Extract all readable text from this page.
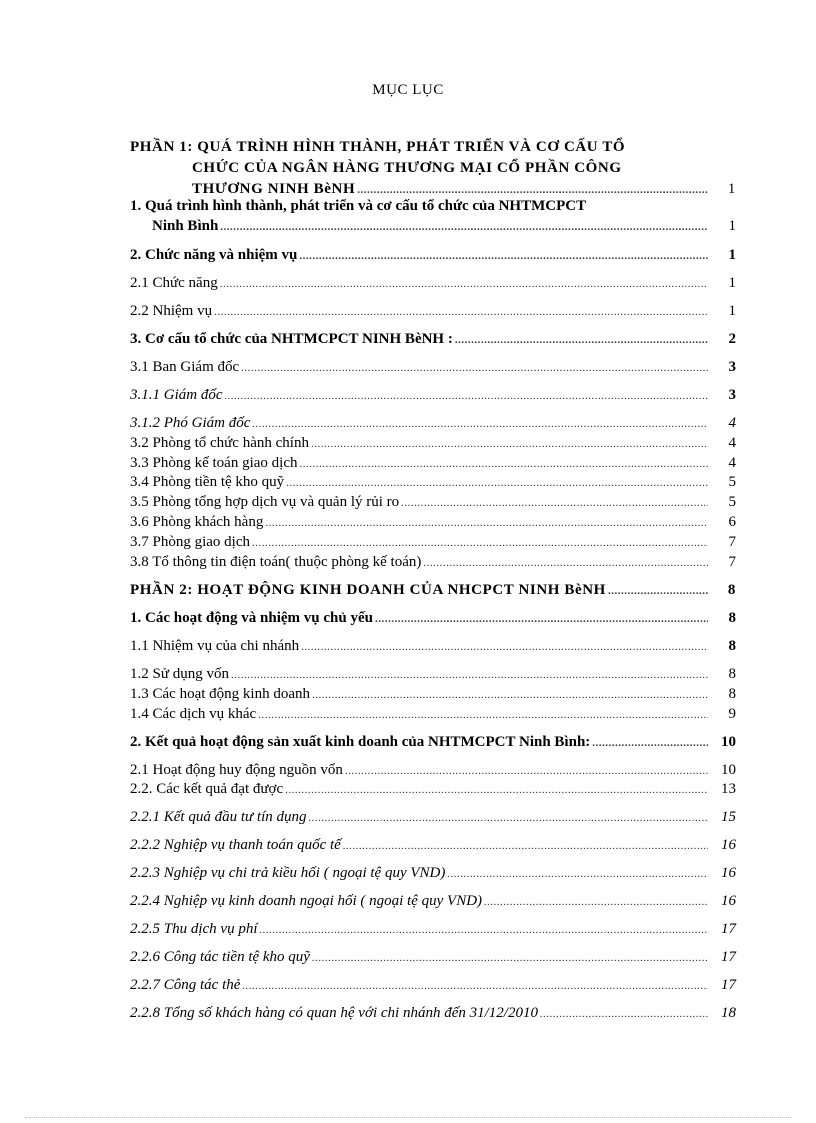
MỤC LỤC
PHẦN 1: QUÁ TRÌNH HÌNH THÀNH, PHÁT TRIỂN VÀ CƠ CẤU TỔ
CHỨC CỦA NGÂN HÀNG THƯƠNG MẠI CỔ PHẦN CÔNG
THƯƠNG NINH BèNH .....	1
1. Quá trình hình thành, phát triển và cơ cấu tổ chức của NHTMCPCT
Ninh Bình .....	1
2. Chức năng và nhiệm vụ .....	1
2.1 Chức năng .....	1
2.2 Nhiệm vụ .....	1
3. Cơ cấu tổ chức của NHTMCPCT NINH BèNH : .....	2
3.1 Ban Giám đốc .....	3
3.1.1 Giám đốc .....	3
3.1.2 Phó Giám đốc .....	4
3.2 Phòng tổ chức hành chính .....	4
3.3 Phòng kế toán giao dịch .....	4
3.4 Phòng tiền tệ kho quỹ .....	5
3.5 Phòng tổng hợp dịch vụ và quản lý rủi ro .....	5
3.6 Phòng khách hàng .....	6
3.7 Phòng giao dịch .....	7
3.8 Tổ thông tin điện toán( thuộc phòng kế toán) .....	7
PHẦN 2: HOẠT ĐỘNG KINH DOANH CỦA NHCPCT NINH BèNH .....	8
1. Các hoạt động và nhiệm vụ chủ yếu .....	8
1.1 Nhiệm vụ của chi nhánh .....	8
1.2 Sử dụng vốn .....	8
1.3 Các hoạt động kinh doanh .....	8
1.4 Các dịch vụ khác .....	9
2. Kết quả hoạt động sản xuất kinh doanh của NHTMCPCT Ninh Bình: .....	10
2.1 Hoạt động huy động nguồn vốn .....	10
2.2. Các kết quả đạt được .....	13
2.2.1 Kết quả đầu tư tín dụng .....	15
2.2.2 Nghiệp vụ thanh toán quốc tế .....	16
2.2.3 Nghiệp vụ chi trả kiều hối ( ngoại tệ quy VND) .....	16
2.2.4 Nghiệp vụ kinh doanh ngoại hối ( ngoại tệ quy VND) .....	16
2.2.5 Thu dịch vụ phí .....	17
2.2.6 Công tác tiền tệ kho quỹ .....	17
2.2.7 Công tác thẻ .....	17
2.2.8 Tổng số khách hàng có quan hệ với chi nhánh đến 31/12/2010 .....	18
